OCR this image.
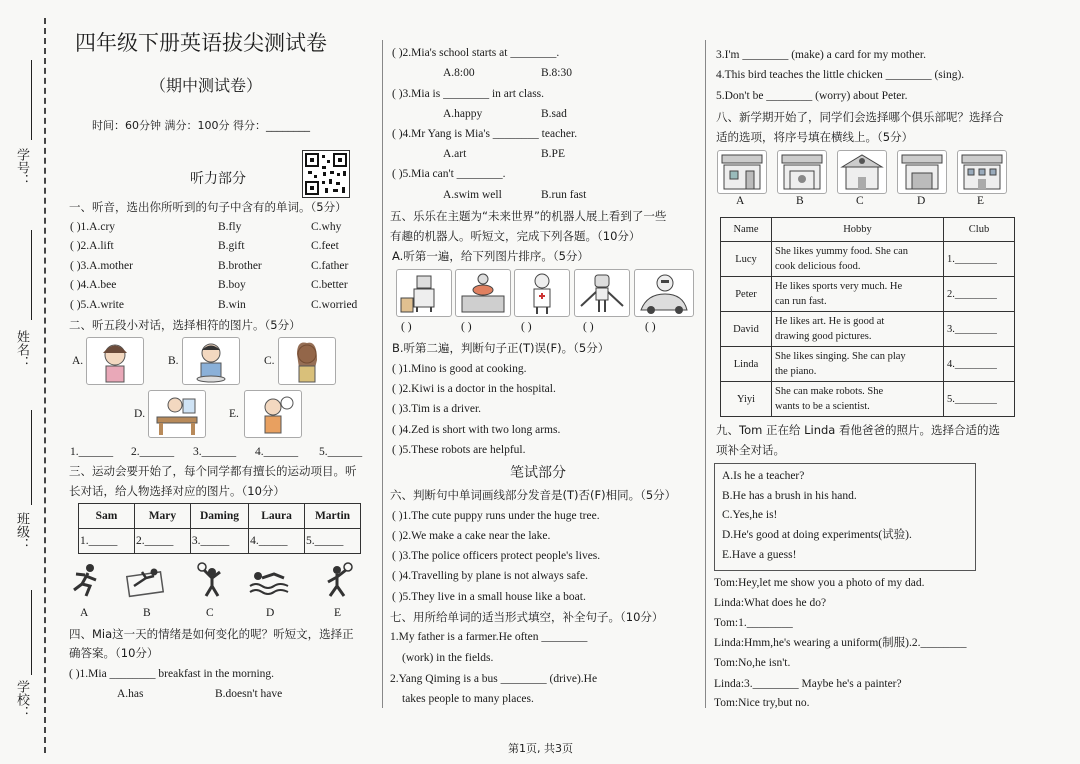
学号：
姓名：
班级：
学校：
四年级下册英语拔尖测试卷
（期中测试卷）
时间：60分钟 满分：100分 得分：________
听力部分
一、听音，选出你所听到的句子中含有的单词。（5分）
( )1.A.cry	B.fly	C.why
( )2.A.lift	B.gift	C.feet
( )3.A.mother	B.brother	C.father
( )4.A.bee	B.boy	C.better
( )5.A.write	B.win	C.worried
二、听五段小对话，选择相符的图片。（5分）
A.	B.	C.
D.	E.
1.______ 2.______ 3.______ 4.______ 5.______
三、运动会要开始了，每个同学都有擅长的运动项目。听
长对话，给人物选择对应的图片。（10分）
Sam	Mary	Daming	Laura	Martin
1._____	2._____	3._____	4._____	5._____
A	B	C	D	E
四、Mia这一天的情绪是如何变化的呢？听短文，选择正
确答案。（10分）
( )1.Mia ________ breakfast in the morning.
A.has	B.doesn't have
( )2.Mia's school starts at ________.
A.8:00	B.8:30
( )3.Mia is ________ in art class.
A.happy	B.sad
( )4.Mr Yang is Mia's ________ teacher.
A.art	B.PE
( )5.Mia can't ________.
A.swim well	B.run fast
五、乐乐在主题为“未来世界”的机器人展上看到了一些
有趣的机器人。听短文，完成下列各题。（10分）
A.听第一遍，给下列图片排序。（5分）
( )	( )	( )	( )	( )
B.听第二遍，判断句子正(T)误(F)。（5分）
( )1.Mino is good at cooking.
( )2.Kiwi is a doctor in the hospital.
( )3.Tim is a driver.
( )4.Zed is short with two long arms.
( )5.These robots are helpful.
笔试部分
六、判断句中单词画线部分发音是(T)否(F)相同。（5分）
( )1.The cute puppy runs under the huge tree.
( )2.We make a cake near the lake.
( )3.The police officers protect people's lives.
( )4.Travelling by plane is not always safe.
( )5.They live in a small house like a boat.
七、用所给单词的适当形式填空，补全句子。（10分）
1.My father is a farmer.He often ________
(work) in the fields.
2.Yang Qiming is a bus ________ (drive).He
takes people to many places.
3.I'm ________ (make) a card for my mother.
4.This bird teaches the little chicken ________ (sing).
5.Don't be ________ (worry) about Peter.
八、新学期开始了，同学们会选择哪个俱乐部呢？选择合
适的选项，将序号填在横线上。（5分）
A	B	C	D	E
Name	Hobby	Club
Lucy	She likes yummy food. She can
cook delicious food.	1.________
Peter	He likes sports very much. He
can run fast.	2.________
David	He likes art. He is good at
drawing good pictures.	3.________
Linda	She likes singing. She can play
the piano.	4.________
Yiyi	She can make robots. She
wants to be a scientist.	5.________
九、Tom 正在给 Linda 看他爸爸的照片。选择合适的选
项补全对话。
A.Is he a teacher?
B.He has a brush in his hand.
C.Yes,he is!
D.He's good at doing experiments(试验).
E.Have a guess!
Tom:Hey,let me show you a photo of my dad.
Linda:What does he do?
Tom:1.________
Linda:Hmm,he's wearing a uniform(制服).2.________
Tom:No,he isn't.
Linda:3.________ Maybe he's a painter?
Tom:Nice try,but no.
第1页, 共3页
